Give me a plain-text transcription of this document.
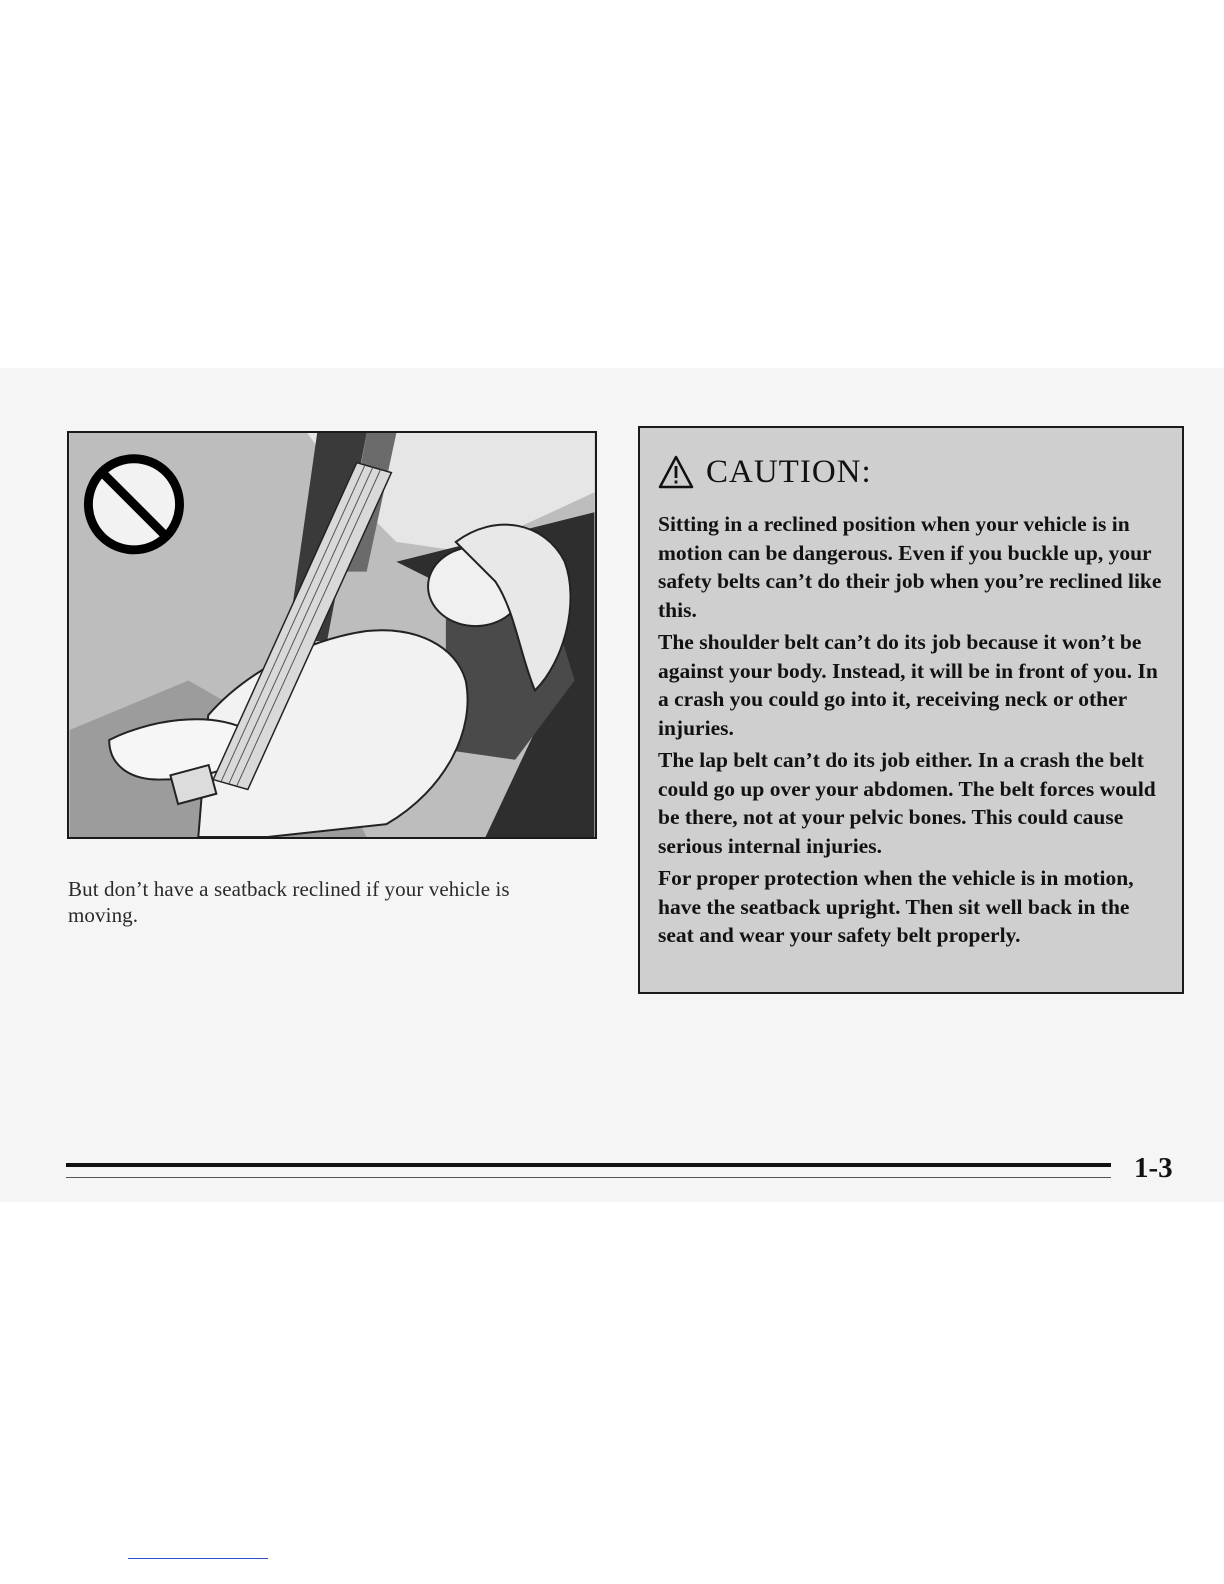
But don’t have a seatback reclined if your vehicle is moving.
CAUTION:

Sitting in a reclined position when your vehicle is in motion can be dangerous. Even if you buckle up, your safety belts can’t do their job when you’re reclined like this.

The shoulder belt can’t do its job because it won’t be against your body. Instead, it will be in front of you. In a crash you could go into it, receiving neck or other injuries.

The lap belt can’t do its job either. In a crash the belt could go up over your abdomen. The belt forces would be there, not at your pelvic bones. This could cause serious internal injuries.

For proper protection when the vehicle is in motion, have the seatback upright. Then sit well back in the seat and wear your safety belt properly.

1-3
